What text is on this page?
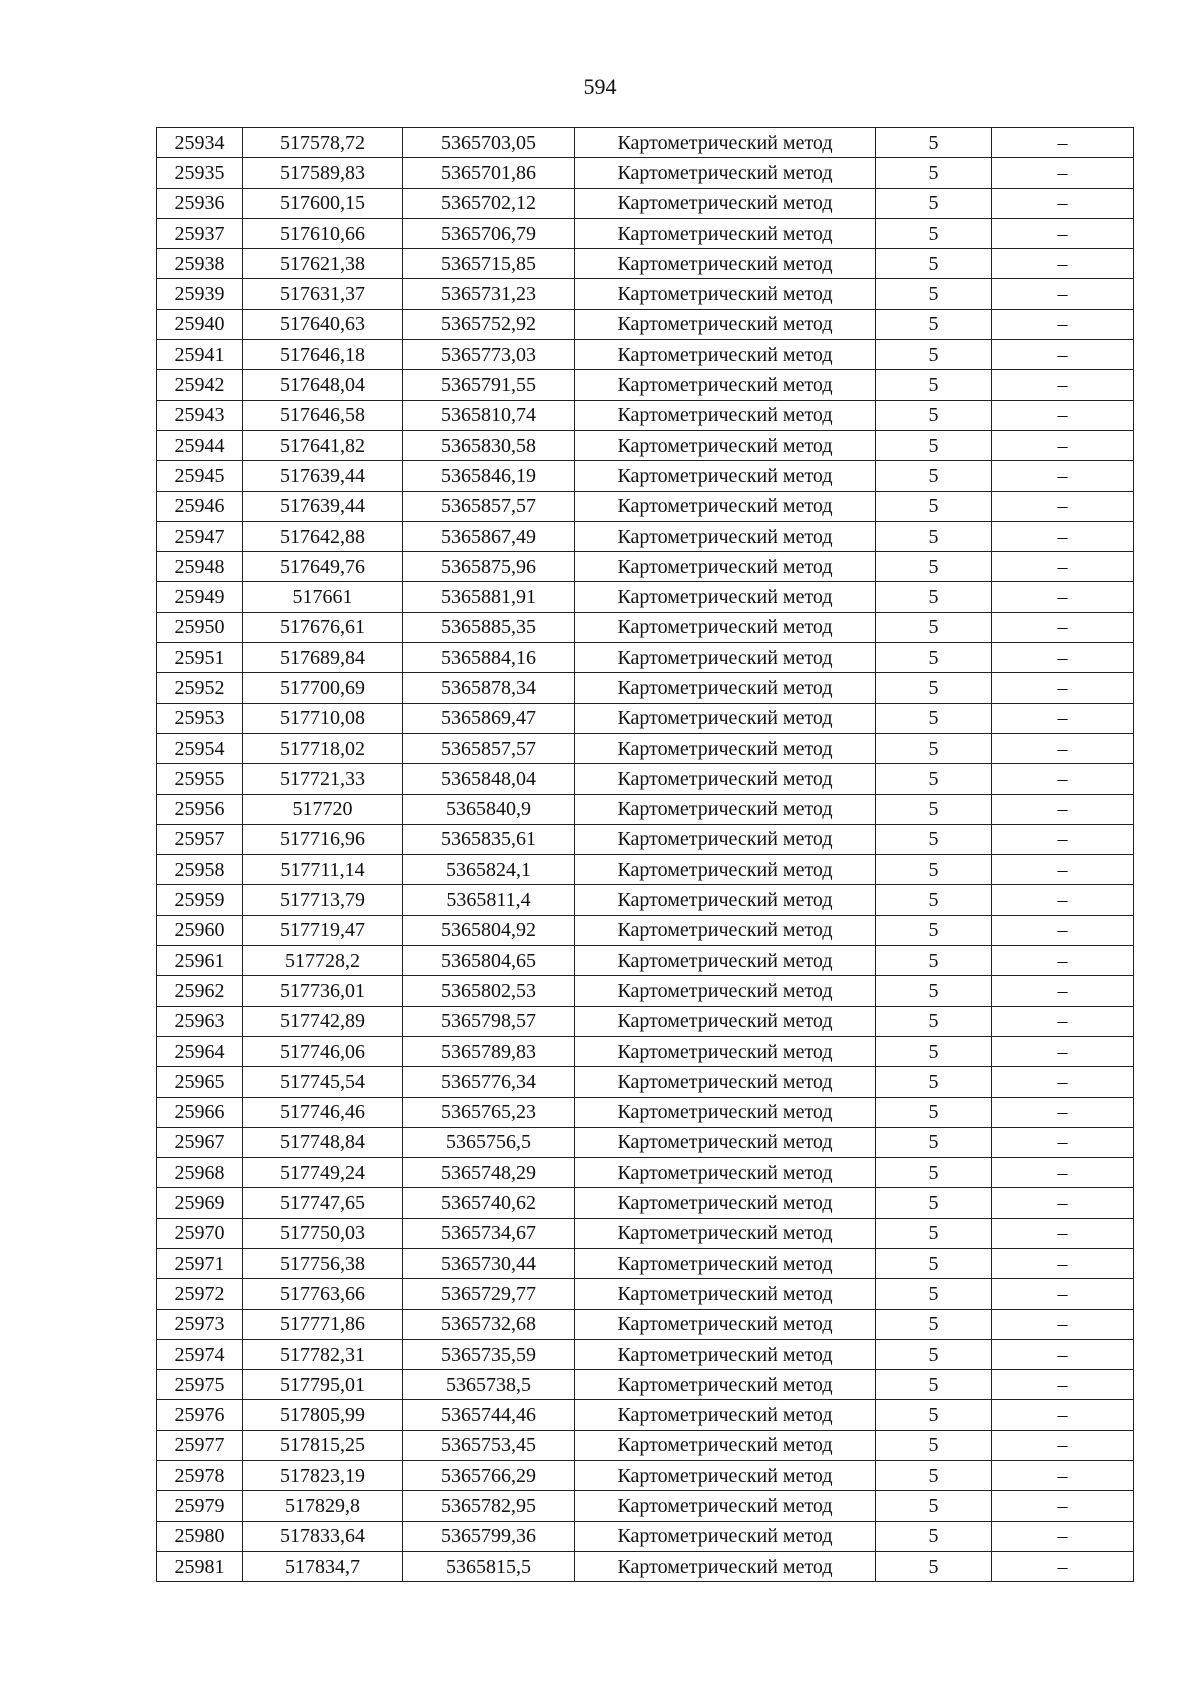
594
25934	517578,72	5365703,05	Картометрический метод	5	–
25935	517589,83	5365701,86	Картометрический метод	5	–
25936	517600,15	5365702,12	Картометрический метод	5	–
25937	517610,66	5365706,79	Картометрический метод	5	–
25938	517621,38	5365715,85	Картометрический метод	5	–
25939	517631,37	5365731,23	Картометрический метод	5	–
25940	517640,63	5365752,92	Картометрический метод	5	–
25941	517646,18	5365773,03	Картометрический метод	5	–
25942	517648,04	5365791,55	Картометрический метод	5	–
25943	517646,58	5365810,74	Картометрический метод	5	–
25944	517641,82	5365830,58	Картометрический метод	5	–
25945	517639,44	5365846,19	Картометрический метод	5	–
25946	517639,44	5365857,57	Картометрический метод	5	–
25947	517642,88	5365867,49	Картометрический метод	5	–
25948	517649,76	5365875,96	Картометрический метод	5	–
25949	517661	5365881,91	Картометрический метод	5	–
25950	517676,61	5365885,35	Картометрический метод	5	–
25951	517689,84	5365884,16	Картометрический метод	5	–
25952	517700,69	5365878,34	Картометрический метод	5	–
25953	517710,08	5365869,47	Картометрический метод	5	–
25954	517718,02	5365857,57	Картометрический метод	5	–
25955	517721,33	5365848,04	Картометрический метод	5	–
25956	517720	5365840,9	Картометрический метод	5	–
25957	517716,96	5365835,61	Картометрический метод	5	–
25958	517711,14	5365824,1	Картометрический метод	5	–
25959	517713,79	5365811,4	Картометрический метод	5	–
25960	517719,47	5365804,92	Картометрический метод	5	–
25961	517728,2	5365804,65	Картометрический метод	5	–
25962	517736,01	5365802,53	Картометрический метод	5	–
25963	517742,89	5365798,57	Картометрический метод	5	–
25964	517746,06	5365789,83	Картометрический метод	5	–
25965	517745,54	5365776,34	Картометрический метод	5	–
25966	517746,46	5365765,23	Картометрический метод	5	–
25967	517748,84	5365756,5	Картометрический метод	5	–
25968	517749,24	5365748,29	Картометрический метод	5	–
25969	517747,65	5365740,62	Картометрический метод	5	–
25970	517750,03	5365734,67	Картометрический метод	5	–
25971	517756,38	5365730,44	Картометрический метод	5	–
25972	517763,66	5365729,77	Картометрический метод	5	–
25973	517771,86	5365732,68	Картометрический метод	5	–
25974	517782,31	5365735,59	Картометрический метод	5	–
25975	517795,01	5365738,5	Картометрический метод	5	–
25976	517805,99	5365744,46	Картометрический метод	5	–
25977	517815,25	5365753,45	Картометрический метод	5	–
25978	517823,19	5365766,29	Картометрический метод	5	–
25979	517829,8	5365782,95	Картометрический метод	5	–
25980	517833,64	5365799,36	Картометрический метод	5	–
25981	517834,7	5365815,5	Картометрический метод	5	–
